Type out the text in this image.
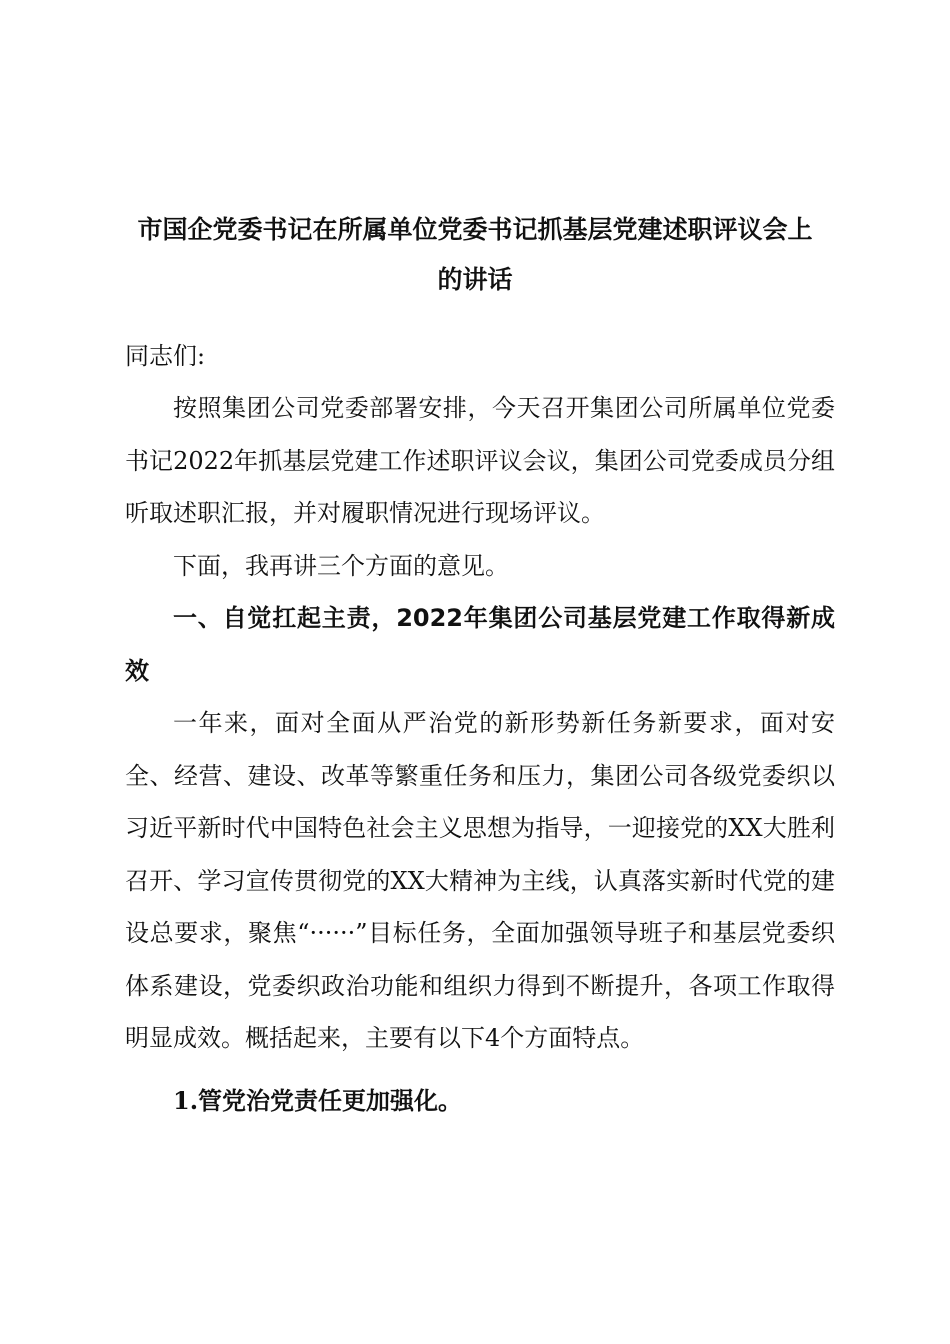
市国企党委书记在所属单位党委书记抓基层党建述职评议会上
的讲话
同志们:

按照集团公司党委部署安排，今天召开集团公司所属单位党委书记2022年抓基层党建工作述职评议会议，集团公司党委成员分组听取述职汇报，并对履职情况进行现场评议。

下面，我再讲三个方面的意见。

一、自觉扛起主责，2022年集团公司基层党建工作取得新成效

一年来，面对全面从严治党的新形势新任务新要求，面对安全、经营、建设、改革等繁重任务和压力，集团公司各级党委织以习近平新时代中国特色社会主义思想为指导，一迎接党的XX大胜利召开、学习宣传贯彻党的XX大精神为主线，认真落实新时代党的建设总要求，聚焦“······”目标任务，全面加强领导班子和基层党委织体系建设，党委织政治功能和组织力得到不断提升，各项工作取得明显成效。概括起来，主要有以下4个方面特点。

1.管党治党责任更加强化。
